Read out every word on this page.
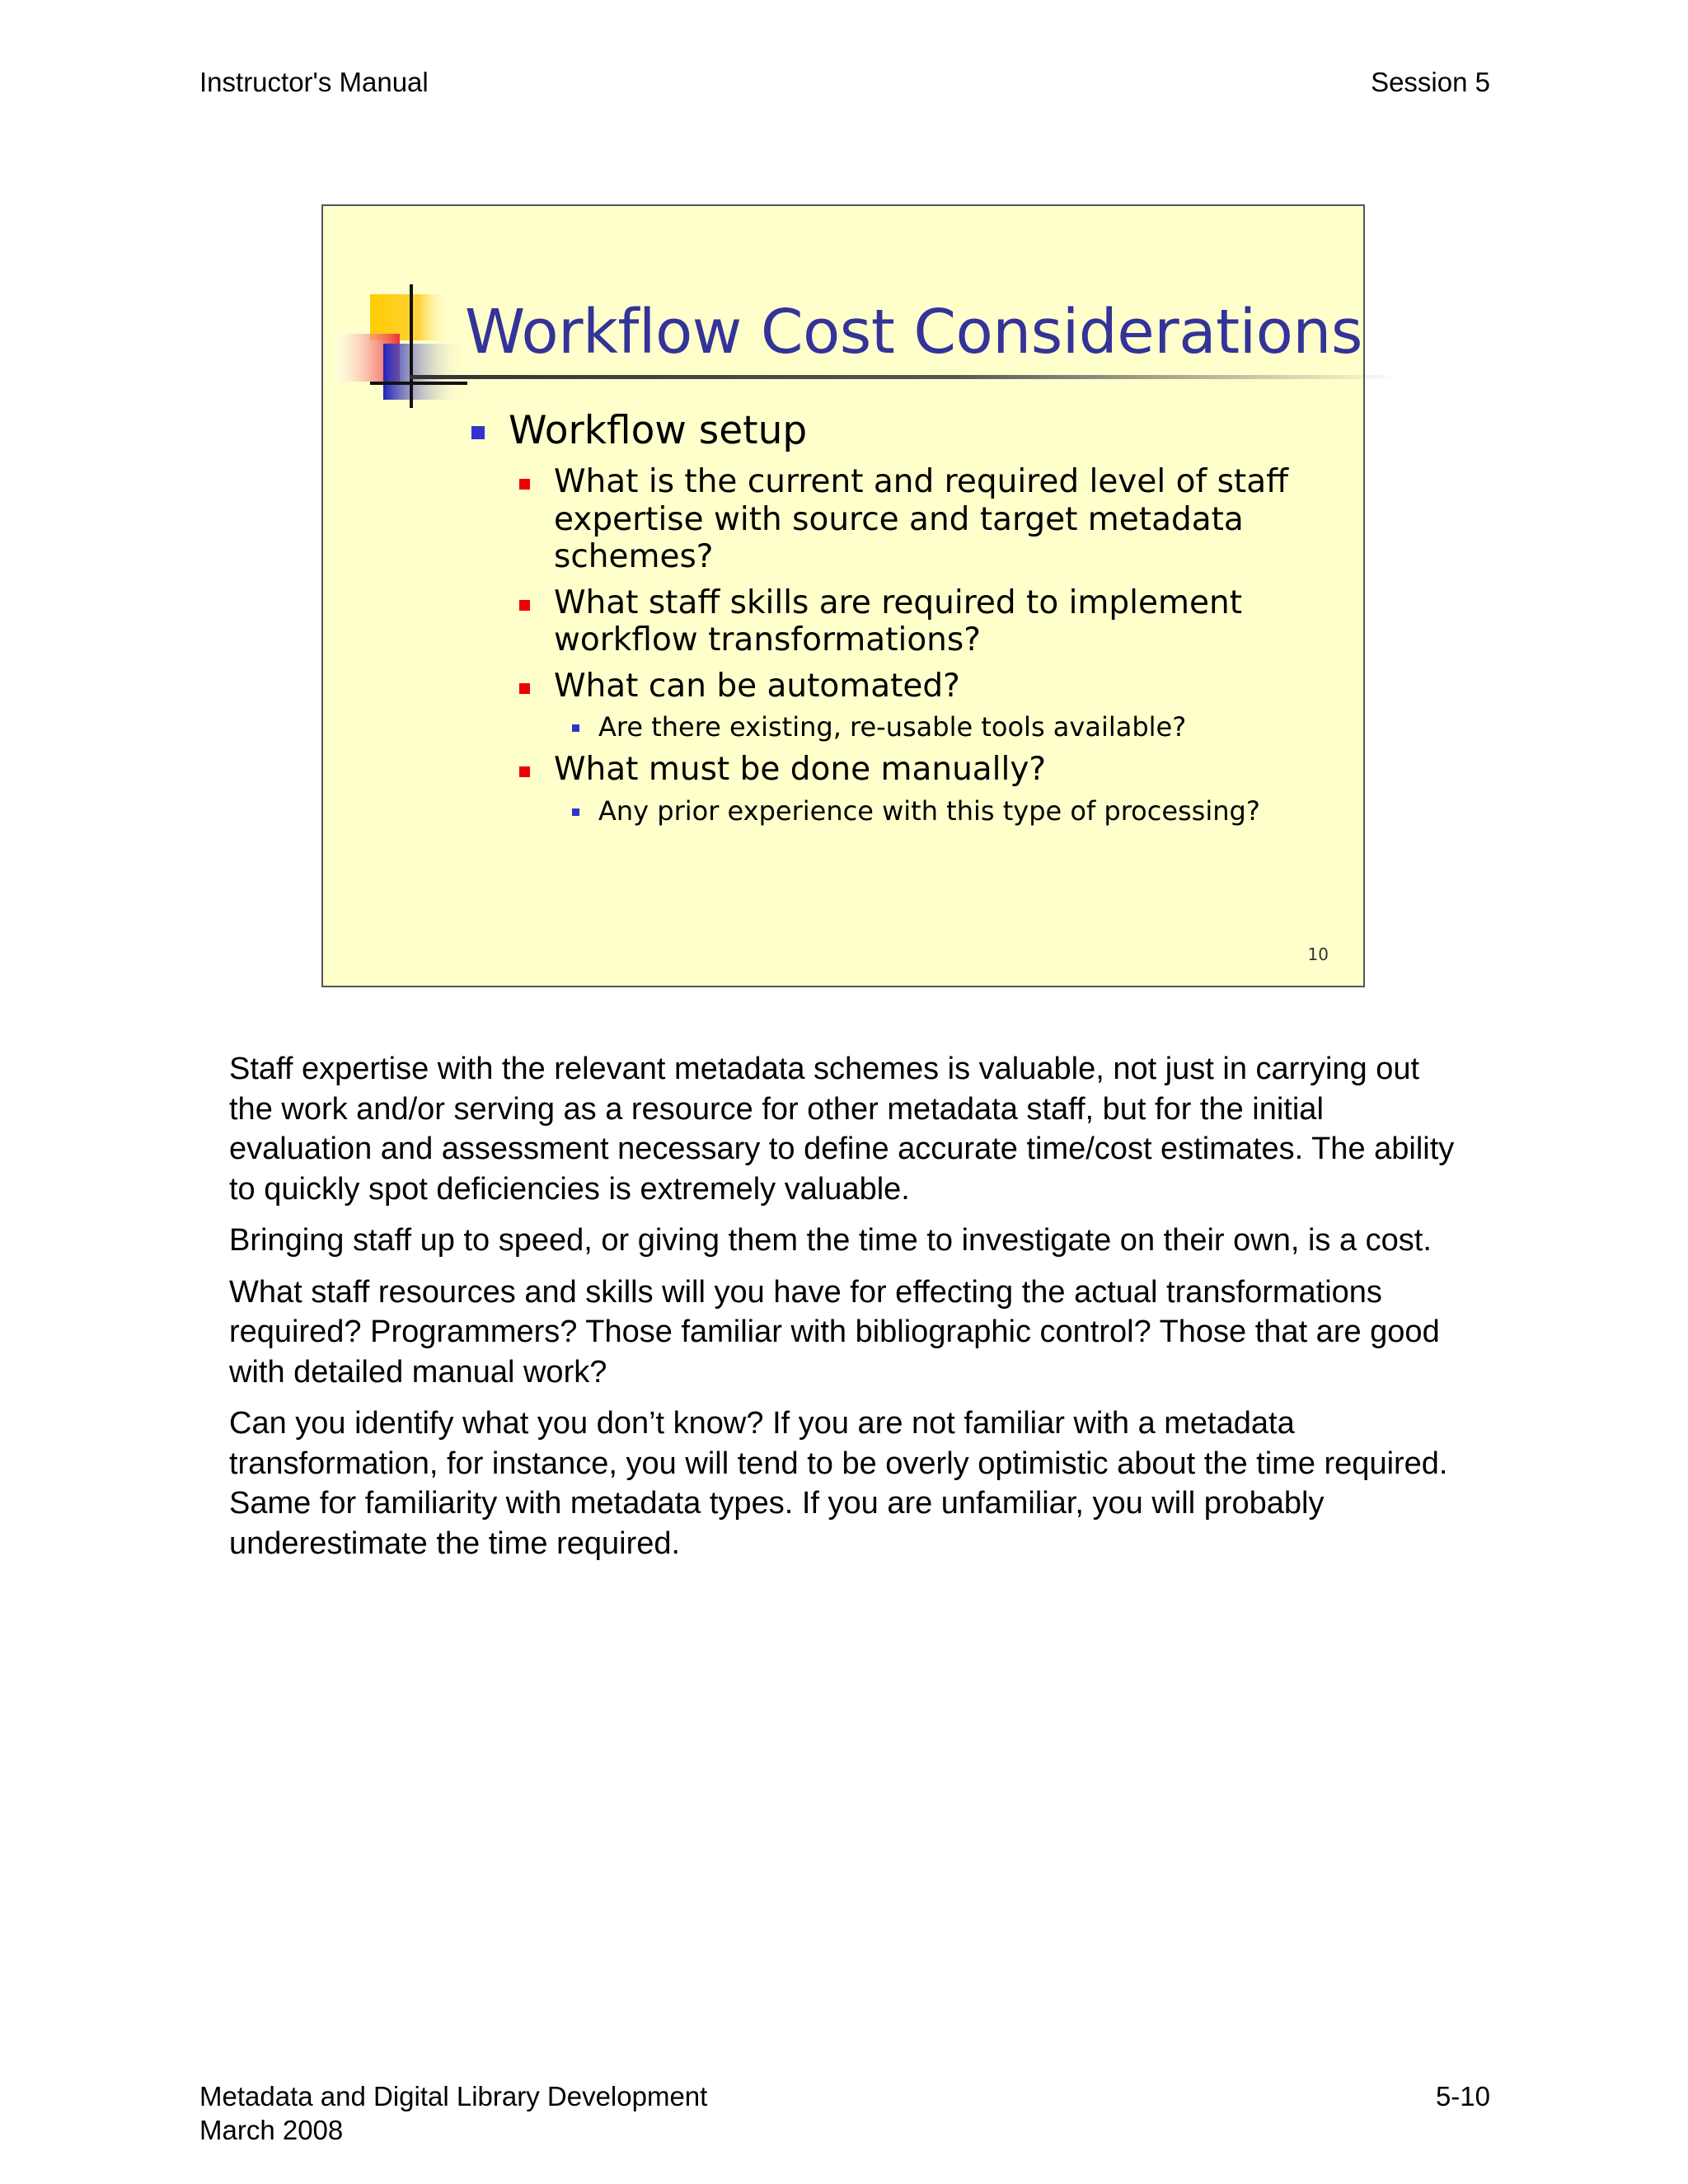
Instructor's Manual	Session 5
Workflow Cost Considerations
Workflow setup
What is the current and required level of staff
expertise with source and target metadata
schemes?
What staff skills are required to implement
workflow transformations?
What can be automated?
Are there existing, re-usable tools available?
What must be done manually?
Any prior experience with this type of processing?
10

Staff expertise with the relevant metadata schemes is valuable, not just in carrying out the work and/or serving as a resource for other metadata staff, but for the initial evaluation and assessment necessary to define accurate time/cost estimates. The ability to quickly spot deficiencies is extremely valuable.

Bringing staff up to speed, or giving them the time to investigate on their own, is a cost.

What staff resources and skills will you have for effecting the actual transformations required? Programmers? Those familiar with bibliographic control? Those that are good with detailed manual work?

Can you identify what you don’t know? If you are not familiar with a metadata transformation, for instance, you will tend to be overly optimistic about the time required. Same for familiarity with metadata types. If you are unfamiliar, you will probably underestimate the time required.

Metadata and Digital Library Development
March 2008
5-10
